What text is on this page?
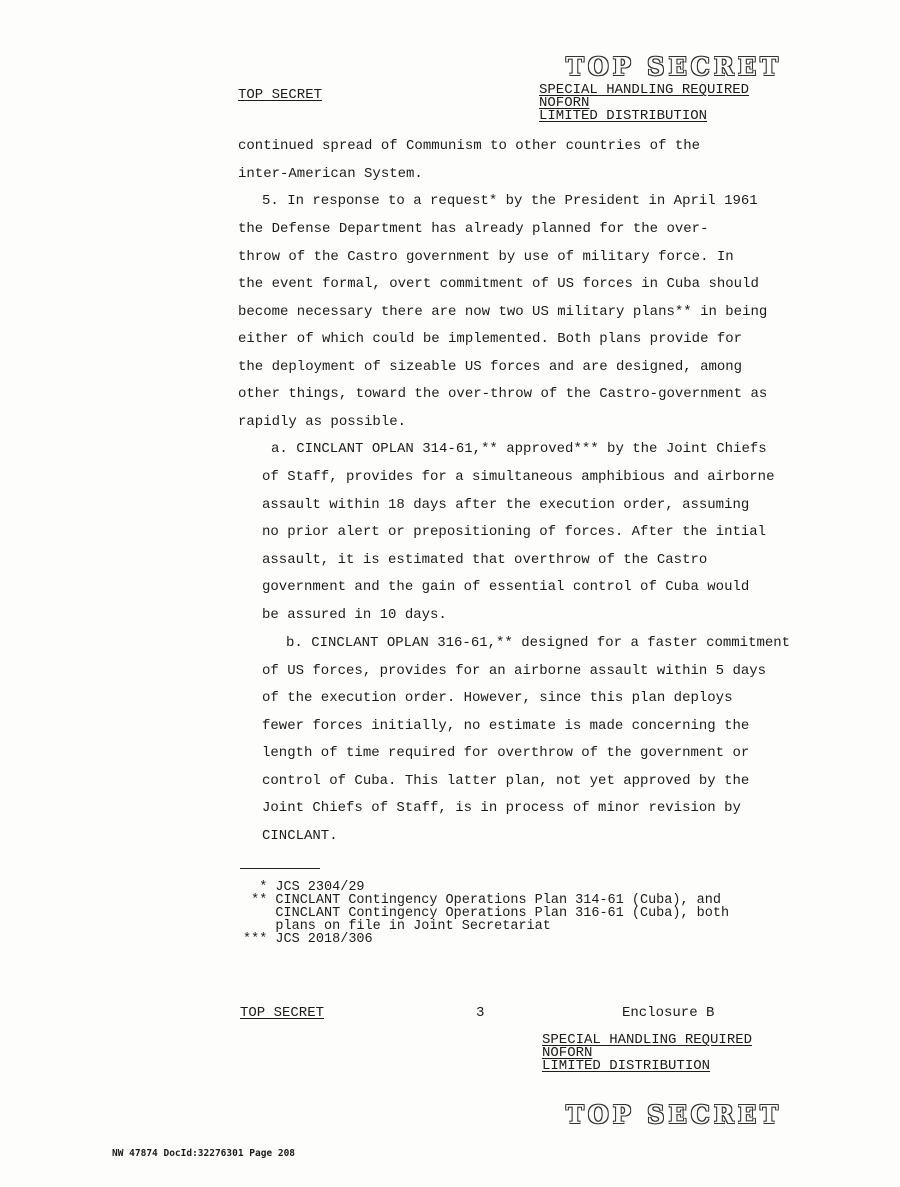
TOP SECRET
TOP SECRET	SPECIAL HANDLING REQUIRED
NOFORN
LIMITED DISTRIBUTION
continued spread of Communism to other countries of the
inter-American System.
5. In response to a request* by the President in April 1961
the Defense Department has already planned for the over-
throw of the Castro government by use of military force. In
the event formal, overt commitment of US forces in Cuba should
become necessary there are now two US military plans** in being
either of which could be implemented. Both plans provide for
the deployment of sizeable US forces and are designed, among
other things, toward the over-throw of the Castro-government as
rapidly as possible.
a. CINCLANT OPLAN 314-61,** approved*** by the Joint Chiefs
of Staff, provides for a simultaneous amphibious and airborne
assault within 18 days after the execution order, assuming
no prior alert or prepositioning of forces. After the intial
assault, it is estimated that overthrow of the Castro
government and the gain of essential control of Cuba would
be assured in 10 days.
b. CINCLANT OPLAN 316-61,** designed for a faster commitment
of US forces, provides for an airborne assault within 5 days
of the execution order. However, since this plan deploys
fewer forces initially, no estimate is made concerning the
length of time required for overthrow of the government or
control of Cuba. This latter plan, not yet approved by the
Joint Chiefs of Staff, is in process of minor revision by
CINCLANT.
* JCS 2304/29
** CINCLANT Contingency Operations Plan 314-61 (Cuba), and
CINCLANT Contingency Operations Plan 316-61 (Cuba), both
plans on file in Joint Secretariat
*** JCS 2018/306
TOP SECRET	3	Enclosure B
SPECIAL HANDLING REQUIRED
NOFORN
LIMITED DISTRIBUTION
TOP SECRET
NW 47874 DocId:32276301 Page 208
